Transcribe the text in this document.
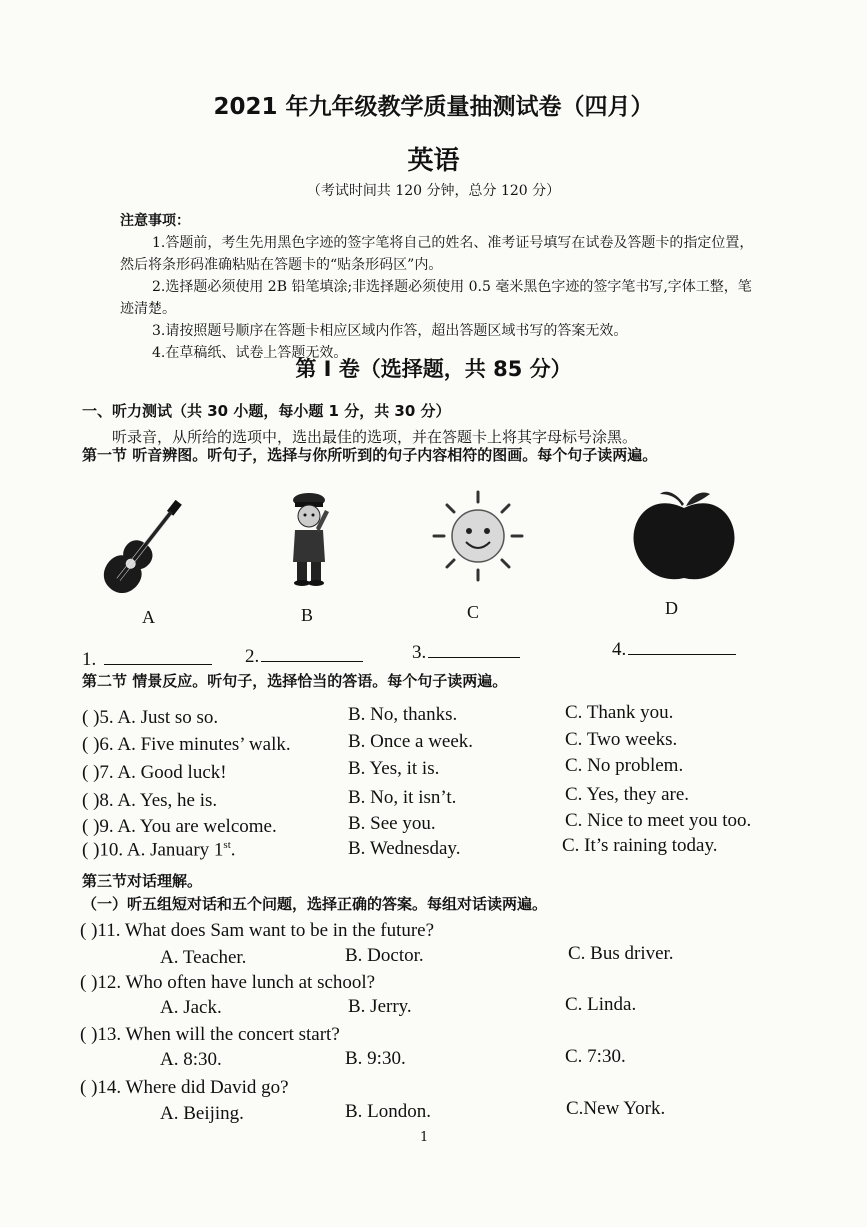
2021 年九年级教学质量抽测试卷（四月）
英语
（考试时间共 120 分钟，总分 120 分）
注意事项：
1.答题前，考生先用黑色字迹的签字笔将自己的姓名、准考证号填写在试卷及答题卡的指定位置，然后将条形码准确粘贴在答题卡的“贴条形码区”内。
2.选择题必须使用 2B 铅笔填涂;非选择题必须使用 0.5 毫米黑色字迹的签字笔书写,字体工整，笔迹清楚。
3.请按照题号顺序在答题卡相应区域内作答，超出答题区域书写的答案无效。
4.在草稿纸、试卷上答题无效。
第 I 卷（选择题，共 85 分）
一、听力测试（共 30 小题，每小题 1 分，共 30 分）
听录音，从所给的选项中，选出最佳的选项，并在答题卡上将其字母标号涂黑。
第一节 听音辨图。听句子，选择与你所听到的句子内容相符的图画。每个句子读两遍。
A	B	C	D
1.	2.	3.	4.
第二节 情景反应。听句子，选择恰当的答语。每个句子读两遍。
( )5. A. Just so so.	B. No, thanks.	C. Thank you.
( )6. A. Five minutes’ walk.	B. Once a week.	C. Two weeks.
( )7. A. Good luck!	B. Yes, it is.	C. No problem.
( )8. A. Yes, he is.	B. No, it isn’t.	C. Yes, they are.
( )9. A. You are welcome.	B. See you.	C. Nice to meet you too.
( )10. A. January 1st.	B. Wednesday.	C. It’s raining today.
第三节对话理解。
（一）听五组短对话和五个问题，选择正确的答案。每组对话读两遍。
( )11. What does Sam want to be in the future?
A. Teacher.	B. Doctor.	C. Bus driver.
( )12. Who often have lunch at school?
A. Jack.	B. Jerry.	C. Linda.
( )13. When will the concert start?
A. 8:30.	B. 9:30.	C. 7:30.
( )14. Where did David go?
A. Beijing.	B. London.	C.New York.
1
